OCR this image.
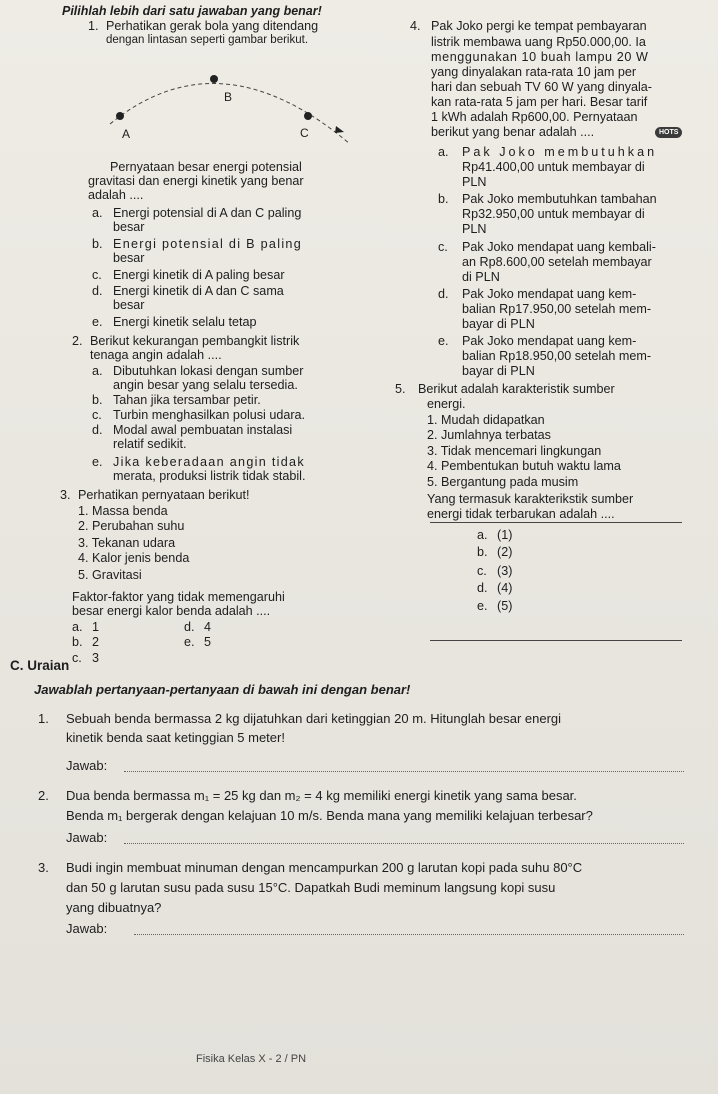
Pilihlah lebih dari satu jawaban yang benar!
1. Perhatikan gerak bola yang ditendang
dengan lintasan seperti gambar berikut.
B
A	C
Pernyataan besar energi potensial
gravitasi dan energi kinetik yang benar
adalah ....
a. Energi potensial di A dan C paling
besar
b. Energi potensial di B paling
besar
c. Energi kinetik di A paling besar
d. Energi kinetik di A dan C sama
besar
e. Energi kinetik selalu tetap
2. Berikut kekurangan pembangkit listrik
tenaga angin adalah ....
a. Dibutuhkan lokasi dengan sumber
angin besar yang selalu tersedia.
b. Tahan jika tersambar petir.
c. Turbin menghasilkan polusi udara.
d. Modal awal pembuatan instalasi
relatif sedikit.
e. Jika keberadaan angin tidak
merata, produksi listrik tidak stabil.
3. Perhatikan pernyataan berikut!
1. Massa benda
2. Perubahan suhu
3. Tekanan udara
4. Kalor jenis benda
5. Gravitasi
Faktor-faktor yang tidak memengaruhi
besar energi kalor benda adalah ....
a. 1
b. 2
c. 3
d. 4
e. 5
4. Pak Joko pergi ke tempat pembayaran
listrik membawa uang Rp50.000,00. Ia
menggunakan 10 buah lampu 20 W
yang dinyalakan rata-rata 10 jam per
hari dan sebuah TV 60 W yang dinyala-
kan rata-rata 5 jam per hari. Besar tarif
1 kWh adalah Rp600,00. Pernyataan
berikut yang benar adalah ....	HOTS
a. Pak Joko membutuhkan
Rp41.400,00 untuk membayar di
PLN
b. Pak Joko membutuhkan tambahan
Rp32.950,00 untuk membayar di
PLN
c. Pak Joko mendapat uang kembali-
an Rp8.600,00 setelah membayar
di PLN
d. Pak Joko mendapat uang kem-
balian Rp17.950,00 setelah mem-
bayar di PLN
e. Pak Joko mendapat uang kem-
balian Rp18.950,00 setelah mem-
bayar di PLN
5. Berikut adalah karakteristik sumber
energi.
1. Mudah didapatkan
2. Jumlahnya terbatas
3. Tidak mencemari lingkungan
4. Pembentukan butuh waktu lama
5. Bergantung pada musim
Yang termasuk karakterikstik sumber
energi tidak terbarukan adalah ....
a. (1)
b. (2)
c. (3)
d. (4)
e. (5)
C. Uraian
Jawablah pertanyaan-pertanyaan di bawah ini dengan benar!
1. Sebuah benda bermassa 2 kg dijatuhkan dari ketinggian 20 m. Hitunglah besar energi
kinetik benda saat ketinggian 5 meter!
Jawab:
2. Dua benda bermassa m₁ = 25 kg dan m₂ = 4 kg memiliki energi kinetik yang sama besar.
Benda m₁ bergerak dengan kelajuan 10 m/s. Benda mana yang memiliki kelajuan terbesar?
Jawab:
3. Budi ingin membuat minuman dengan mencampurkan 200 g larutan kopi pada suhu 80°C
dan 50 g larutan susu pada susu 15°C. Dapatkah Budi meminum langsung kopi susu
yang dibuatnya?
Jawab:
Fisika Kelas X - 2 / PN
